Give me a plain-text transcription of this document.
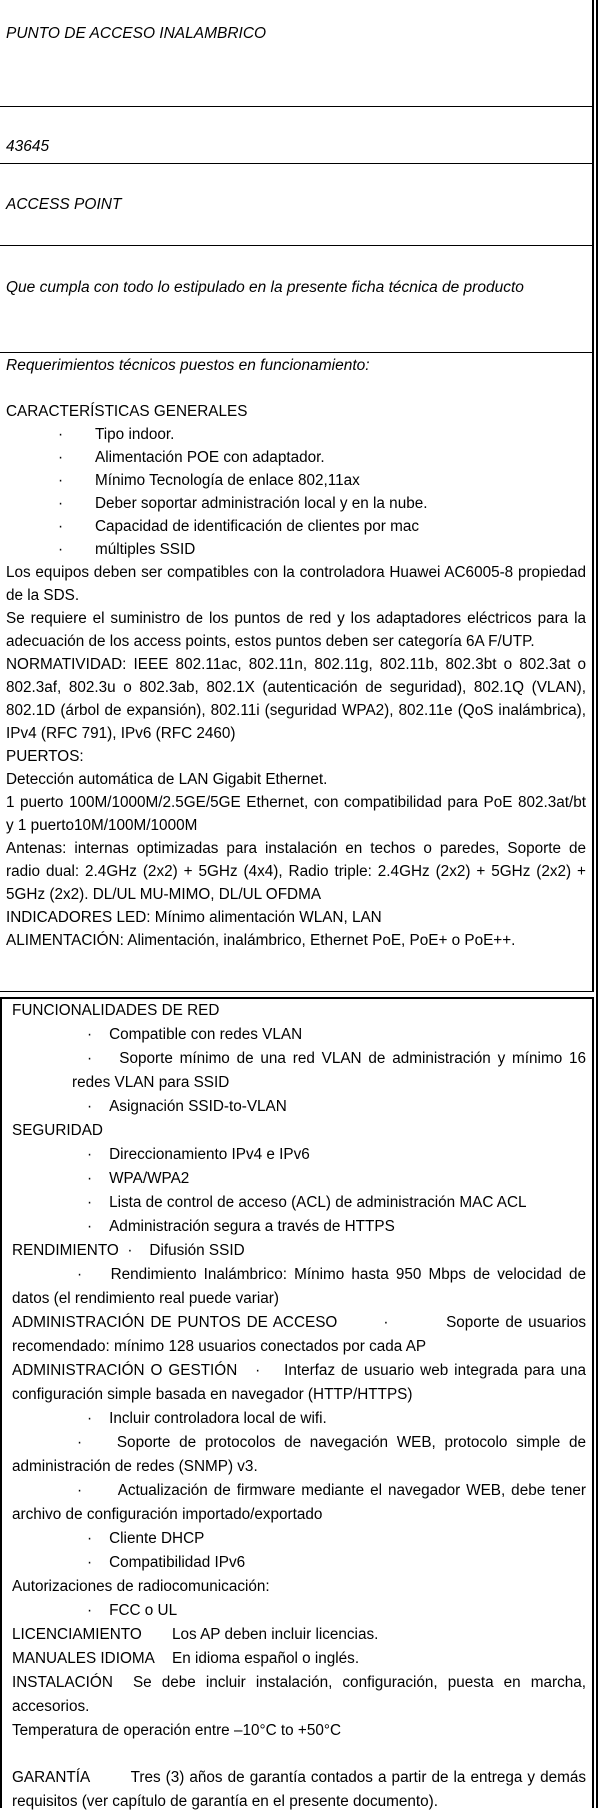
PUNTO DE ACCESO INALAMBRICO
43645
ACCESS POINT
Que cumpla con todo lo estipulado en la presente ficha técnica de producto
Requerimientos técnicos puestos en funcionamiento:
CARACTERÍSTICAS GENERALES
· Tipo indoor.
· Alimentación POE con adaptador.
· Mínimo Tecnología de enlace 802,11ax
· Deber soportar administración local y en la nube.
· Capacidad de identificación de clientes por mac
· múltiples SSID
Los equipos deben ser compatibles con la controladora Huawei AC6005-8 propiedad de la SDS.
Se requiere el suministro de los puntos de red y los adaptadores eléctricos para la adecuación de los access points, estos puntos deben ser categoría 6A F/UTP.
NORMATIVIDAD: IEEE 802.11ac, 802.11n, 802.11g, 802.11b, 802.3bt o 802.3at o 802.3af, 802.3u o 802.3ab, 802.1X (autenticación de seguridad), 802.1Q (VLAN), 802.1D (árbol de expansión), 802.11i (seguridad WPA2), 802.11e (QoS inalámbrica), IPv4 (RFC 791), IPv6 (RFC 2460)
PUERTOS:
Detección automática de LAN Gigabit Ethernet.
1 puerto 100M/1000M/2.5GE/5GE Ethernet, con compatibilidad para PoE 802.3at/bt y 1 puerto10M/100M/1000M
Antenas: internas optimizadas para instalación en techos o paredes, Soporte de radio dual: 2.4GHz (2x2) + 5GHz (4x4), Radio triple: 2.4GHz (2x2) + 5GHz (2x2) + 5GHz (2x2). DL/UL MU-MIMO, DL/UL OFDMA
INDICADORES LED: Mínimo alimentación WLAN, LAN
ALIMENTACIÓN: Alimentación, inalámbrico, Ethernet PoE, PoE+ o PoE++.
FUNCIONALIDADES DE RED
· Compatible con redes VLAN
· Soporte mínimo de una red VLAN de administración y mínimo 16 redes VLAN para SSID
· Asignación SSID-to-VLAN
SEGURIDAD
· Direccionamiento IPv4 e IPv6
· WPA/WPA2
· Lista de control de acceso (ACL) de administración MAC ACL
· Administración segura a través de HTTPS
RENDIMIENTO · Difusión SSID
· Rendimiento Inalámbrico: Mínimo hasta 950 Mbps de velocidad de datos (el rendimiento real puede variar)
ADMINISTRACIÓN DE PUNTOS DE ACCESO	·	Soporte de usuarios recomendado: mínimo 128 usuarios conectados por cada AP
ADMINISTRACIÓN O GESTIÓN · Interfaz de usuario web integrada para una configuración simple basada en navegador (HTTP/HTTPS)
· Incluir controladora local de wifi.
· Soporte de protocolos de navegación WEB, protocolo simple de administración de redes (SNMP) v3.
· Actualización de firmware mediante el navegador WEB, debe tener archivo de configuración importado/exportado
· Cliente DHCP
· Compatibilidad IPv6
Autorizaciones de radiocomunicación:
· FCC o UL
LICENCIAMIENTO Los AP deben incluir licencias.
MANUALES IDIOMA En idioma español o inglés.
INSTALACIÓN Se debe incluir instalación, configuración, puesta en marcha, accesorios.
Temperatura de operación entre –10°C to +50°C
GARANTÍA	Tres (3) años de garantía contados a partir de la entrega y demás requisitos (ver capítulo de garantía en el presente documento).
